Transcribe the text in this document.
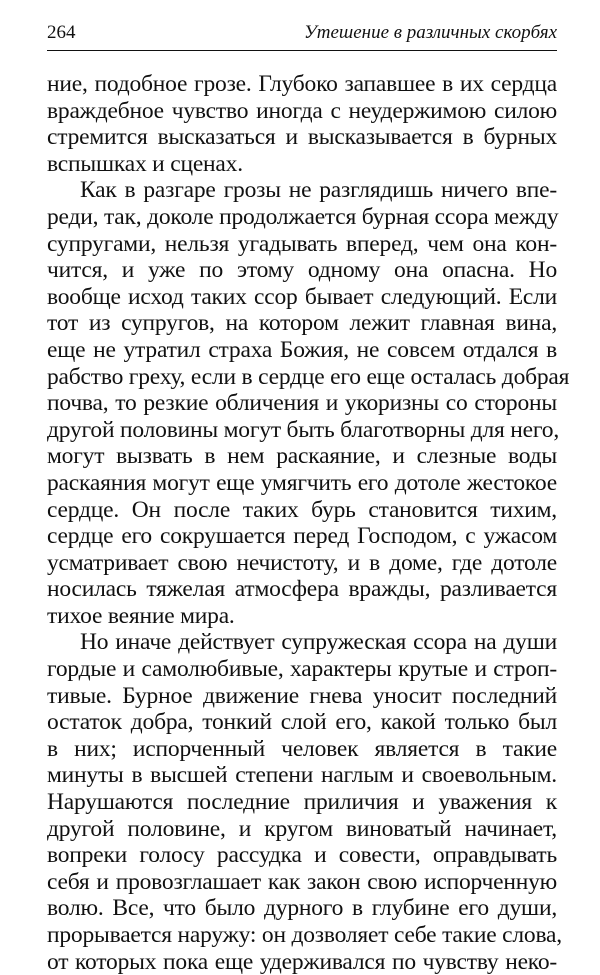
264	Утешение в различных скорбях
ние, подобное грозе. Глубоко запавшее в их сердца
враждебное чувство иногда с неудержимою силою
стремится высказаться и высказывается в бурных
вспышках и сценах.
Как в разгаре грозы не разглядишь ничего впе-
реди, так, доколе продолжается бурная ссора между
супругами, нельзя угадывать вперед, чем она кон-
чится, и уже по этому одному она опасна. Но
вообще исход таких ссор бывает следующий. Если
тот из супругов, на котором лежит главная вина,
еще не утратил страха Божия, не совсем отдался в
рабство греху, если в сердце его еще осталась добрая
почва, то резкие обличения и укоризны со стороны
другой половины могут быть благотворны для него,
могут вызвать в нем раскаяние, и слезные воды
раскаяния могут еще умягчить его дотоле жестокое
сердце. Он после таких бурь становится тихим,
сердце его сокрушается перед Господом, с ужасом
усматривает свою нечистоту, и в доме, где дотоле
носилась тяжелая атмосфера вражды, разливается
тихое веяние мира.
Но иначе действует супружеская ссора на души
гордые и самолюбивые, характеры крутые и строп-
тивые. Бурное движение гнева уносит последний
остаток добра, тонкий слой его, какой только был
в них; испорченный человек является в такие
минуты в высшей степени наглым и своевольным.
Нарушаются последние приличия и уважения к
другой половине, и кругом виноватый начинает,
вопреки голосу рассудка и совести, оправдывать
себя и провозглашает как закон свою испорченную
волю. Все, что было дурного в глубине его души,
прорывается наружу: он дозволяет себе такие слова,
от которых пока еще удерживался по чувству неко-
